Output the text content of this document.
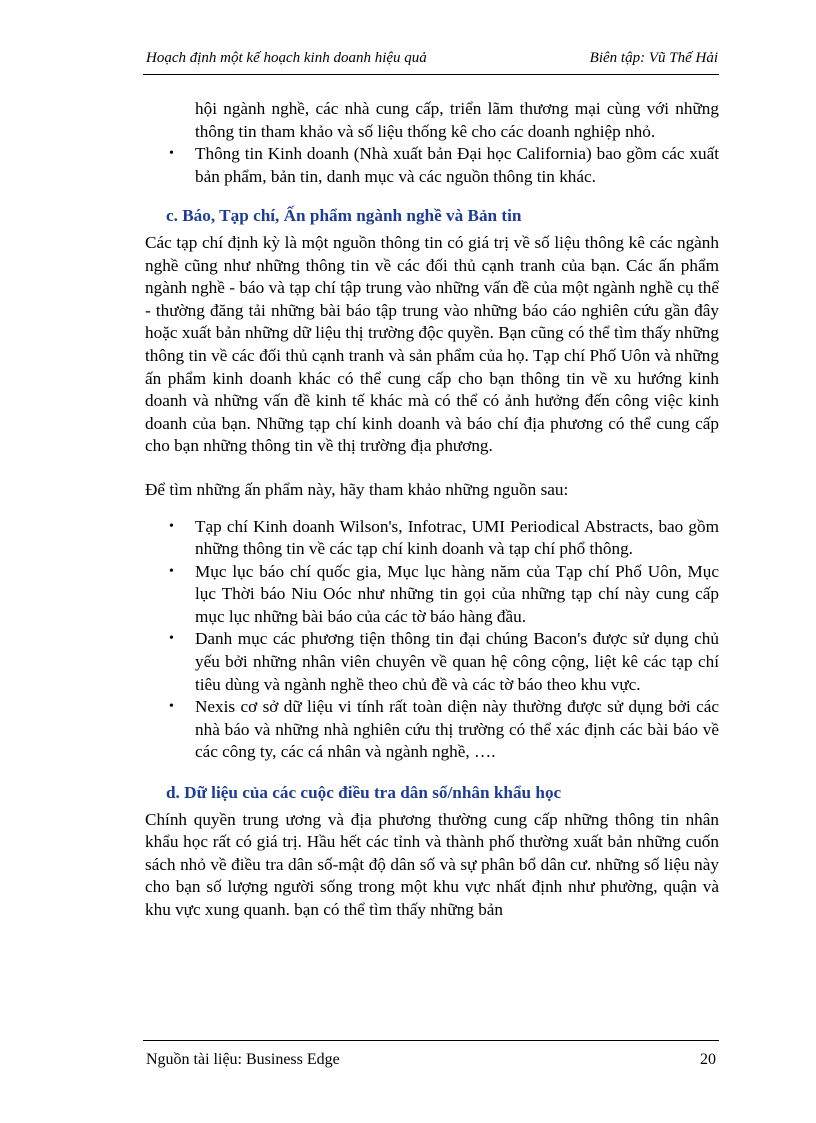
Hoạch định một kế hoạch kinh doanh hiệu quả	Biên tập: Vũ Thế Hải

hội ngành nghề, các nhà cung cấp, triển lãm thương mại cùng với những thông tin tham khảo và số liệu thống kê cho các doanh nghiệp nhỏ.

• Thông tin Kinh doanh (Nhà xuất bản Đại học California) bao gồm các xuất bản phẩm, bản tin, danh mục và các nguồn thông tin khác.
c. Báo, Tạp chí, Ấn phẩm ngành nghề và Bản tin

Các tạp chí định kỳ là một nguồn thông tin có giá trị về số liệu thông kê các ngành nghề cũng như những thông tin về các đối thủ cạnh tranh của bạn. Các ấn phẩm ngành nghề - báo và tạp chí tập trung vào những vấn đề của một ngành nghề cụ thể - thường đăng tải những bài báo tập trung vào những báo cáo nghiên cứu gần đây hoặc xuất bản những dữ liệu thị trường độc quyền. Bạn cũng có thể tìm thấy những thông tin về các đối thủ cạnh tranh và sản phẩm của họ. Tạp chí Phố Uôn và những ấn phẩm kinh doanh khác có thể cung cấp cho bạn thông tin về xu hướng kinh doanh và những vấn đề kinh tế khác mà có thể có ảnh hưởng đến công việc kinh doanh của bạn. Những tạp chí kinh doanh và báo chí địa phương có thể cung cấp cho bạn những thông tin về thị trường địa phương.

Để tìm những ấn phẩm này, hãy tham khảo những nguồn sau:

• Tạp chí Kinh doanh Wilson's, Infotrac, UMI Periodical Abstracts, bao gồm những thông tin về các tạp chí kinh doanh và tạp chí phổ thông.
• Mục lục báo chí quốc gia, Mục lục hàng năm của Tạp chí Phố Uôn, Mục lục Thời báo Niu Oóc như những tin gọi của những tạp chí này cung cấp mục lục những bài báo của các tờ báo hàng đầu.
• Danh mục các phương tiện thông tin đại chúng Bacon's được sử dụng chủ yếu bởi những nhân viên chuyên về quan hệ công cộng, liệt kê các tạp chí tiêu dùng và ngành nghề theo chủ đề và các tờ báo theo khu vực.
• Nexis cơ sở dữ liệu vi tính rất toàn diện này thường được sử dụng bởi các nhà báo và những nhà nghiên cứu thị trường có thể xác định các bài báo về các công ty, các cá nhân và ngành nghề, ….
d. Dữ liệu của các cuộc điều tra dân số/nhân khẩu học

Chính quyền trung ương và địa phương thường cung cấp những thông tin nhân khẩu học rất có giá trị. Hầu hết các tỉnh và thành phố thường xuất bản những cuốn sách nhỏ về điều tra dân số-mật độ dân số và sự phân bổ dân cư. những số liệu này cho bạn số lượng người sống trong một khu vực nhất định như phường, quận và khu vực xung quanh. bạn có thể tìm thấy những bản

Nguồn tài liệu: Business Edge	20
